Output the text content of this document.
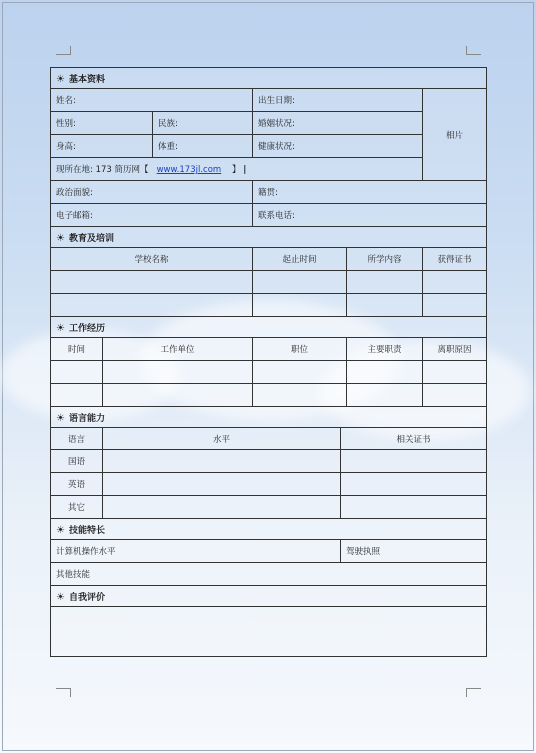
☀ 基本资料						
姓名:			出生日期:			相片
性别:		民族:	婚姻状况:			
身高:		体重:	健康状况:			
现所在地: 173 简历网【 www.173jl.com 】 |						
政治面貌:			籍贯:			
电子邮箱:			联系电话:			
☀ 教育及培训						
学校名称			起止时间		所学内容	获得证书

☀ 工作经历						
时间	工作单位		职位		主要职责	离职原因

☀ 语言能力						
语言	水平			相关证书		
国语						
英语						
其它						
☀ 技能特长						
计算机操作水平				驾驶执照		
其他技能						
☀ 自我评价						
